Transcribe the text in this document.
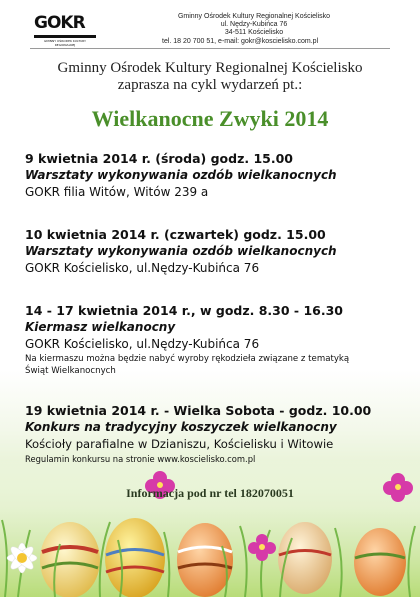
GOKR
GMINNY OŚRODEK KULTURY REGIONALNEJ
Gminny Ośrodek Kultury Regionalnej Kościelisko
ul. Nędzy-Kubińca 76
34-511 Kościelisko
tel. 18 20 700 51, e-mail: gokr@koscielisko.com.pl
Gminny Ośrodek Kultury Regionalnej Kościelisko
zaprasza na cykl wydarzeń pt.:
Wielkanocne Zwyki 2014
9 kwietnia 2014 r. (środa) godz. 15.00
Warsztaty wykonywania ozdób wielkanocnych
GOKR filia Witów, Witów 239 a
10 kwietnia 2014 r. (czwartek) godz. 15.00
Warsztaty wykonywania ozdób wielkanocnych
GOKR Kościelisko, ul.Nędzy-Kubińca 76
14 - 17 kwietnia 2014 r., w godz. 8.30 - 16.30
Kiermasz wielkanocny
GOKR Kościelisko, ul.Nędzy-Kubińca 76
Na kiermaszu można będzie nabyć wyroby rękodzieła związane z tematyką Świąt Wielkanocnych
19 kwietnia 2014 r. - Wielka Sobota - godz. 10.00
Konkurs na tradycyjny koszyczek wielkanocny
Kościoły parafialne w Dzianiszu, Kościelisku i Witowie
Regulamin konkursu na stronie www.koscielisko.com.pl
Informacja pod nr tel 182070051
